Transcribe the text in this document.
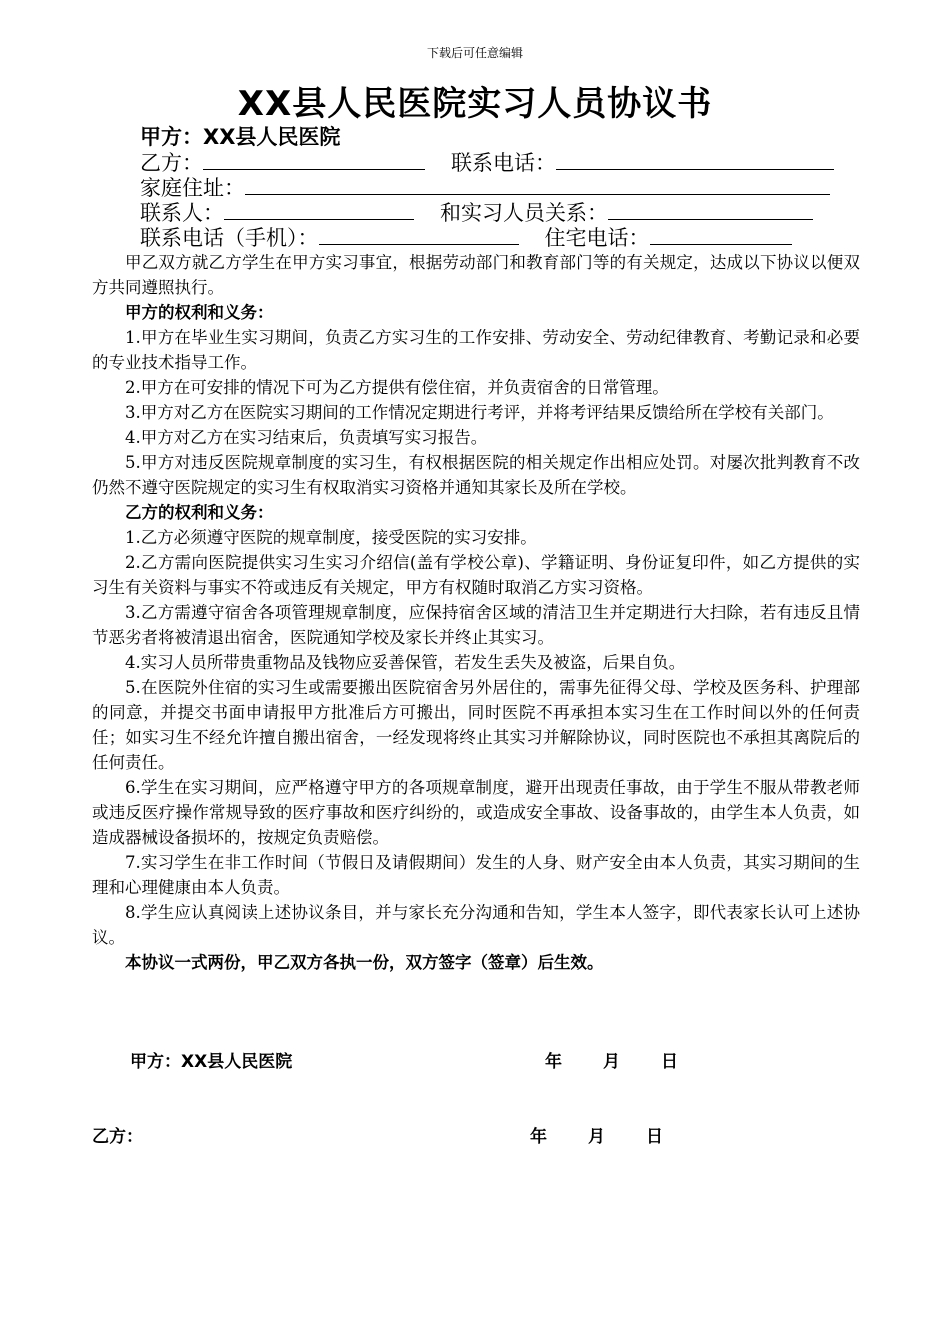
下载后可任意编辑
XX县人民医院实习人员协议书
甲方：XX县人民医院
乙方：	联系电话：
家庭住址：
联系人：	和实习人员关系：
联系电话（手机）：	住宅电话：

甲乙双方就乙方学生在甲方实习事宜，根据劳动部门和教育部门等的有关规定，达成以下协议以便双方共同遵照执行。

甲方的权利和义务：

1.甲方在毕业生实习期间，负责乙方实习生的工作安排、劳动安全、劳动纪律教育、考勤记录和必要的专业技术指导工作。

2.甲方在可安排的情况下可为乙方提供有偿住宿，并负责宿舍的日常管理。

3.甲方对乙方在医院实习期间的工作情况定期进行考评，并将考评结果反馈给所在学校有关部门。

4.甲方对乙方在实习结束后，负责填写实习报告。

5.甲方对违反医院规章制度的实习生，有权根据医院的相关规定作出相应处罚。对屡次批判教育不改仍然不遵守医院规定的实习生有权取消实习资格并通知其家长及所在学校。

乙方的权利和义务：

1.乙方必须遵守医院的规章制度，接受医院的实习安排。

2.乙方需向医院提供实习生实习介绍信(盖有学校公章)、学籍证明、身份证复印件，如乙方提供的实习生有关资料与事实不符或违反有关规定，甲方有权随时取消乙方实习资格。

3.乙方需遵守宿舍各项管理规章制度，应保持宿舍区域的清洁卫生并定期进行大扫除，若有违反且情节恶劣者将被清退出宿舍，医院通知学校及家长并终止其实习。

4.实习人员所带贵重物品及钱物应妥善保管，若发生丢失及被盗，后果自负。

5.在医院外住宿的实习生或需要搬出医院宿舍另外居住的，需事先征得父母、学校及医务科、护理部的同意，并提交书面申请报甲方批准后方可搬出，同时医院不再承担本实习生在工作时间以外的任何责任；如实习生不经允许擅自搬出宿舍，一经发现将终止其实习并解除协议，同时医院也不承担其离院后的任何责任。

6.学生在实习期间，应严格遵守甲方的各项规章制度，避开出现责任事故，由于学生不服从带教老师或违反医疗操作常规导致的医疗事故和医疗纠纷的，或造成安全事故、设备事故的，由学生本人负责，如造成器械设备损坏的，按规定负责赔偿。

7.实习学生在非工作时间（节假日及请假期间）发生的人身、财产安全由本人负责，其实习期间的生理和心理健康由本人负责。

8.学生应认真阅读上述协议条目，并与家长充分沟通和告知，学生本人签字，即代表家长认可上述协议。

本协议一式两份，甲乙双方各执一份，双方签字（签章）后生效。

甲方：XX县人民医院	年 月 日
乙方：	年 月 日
